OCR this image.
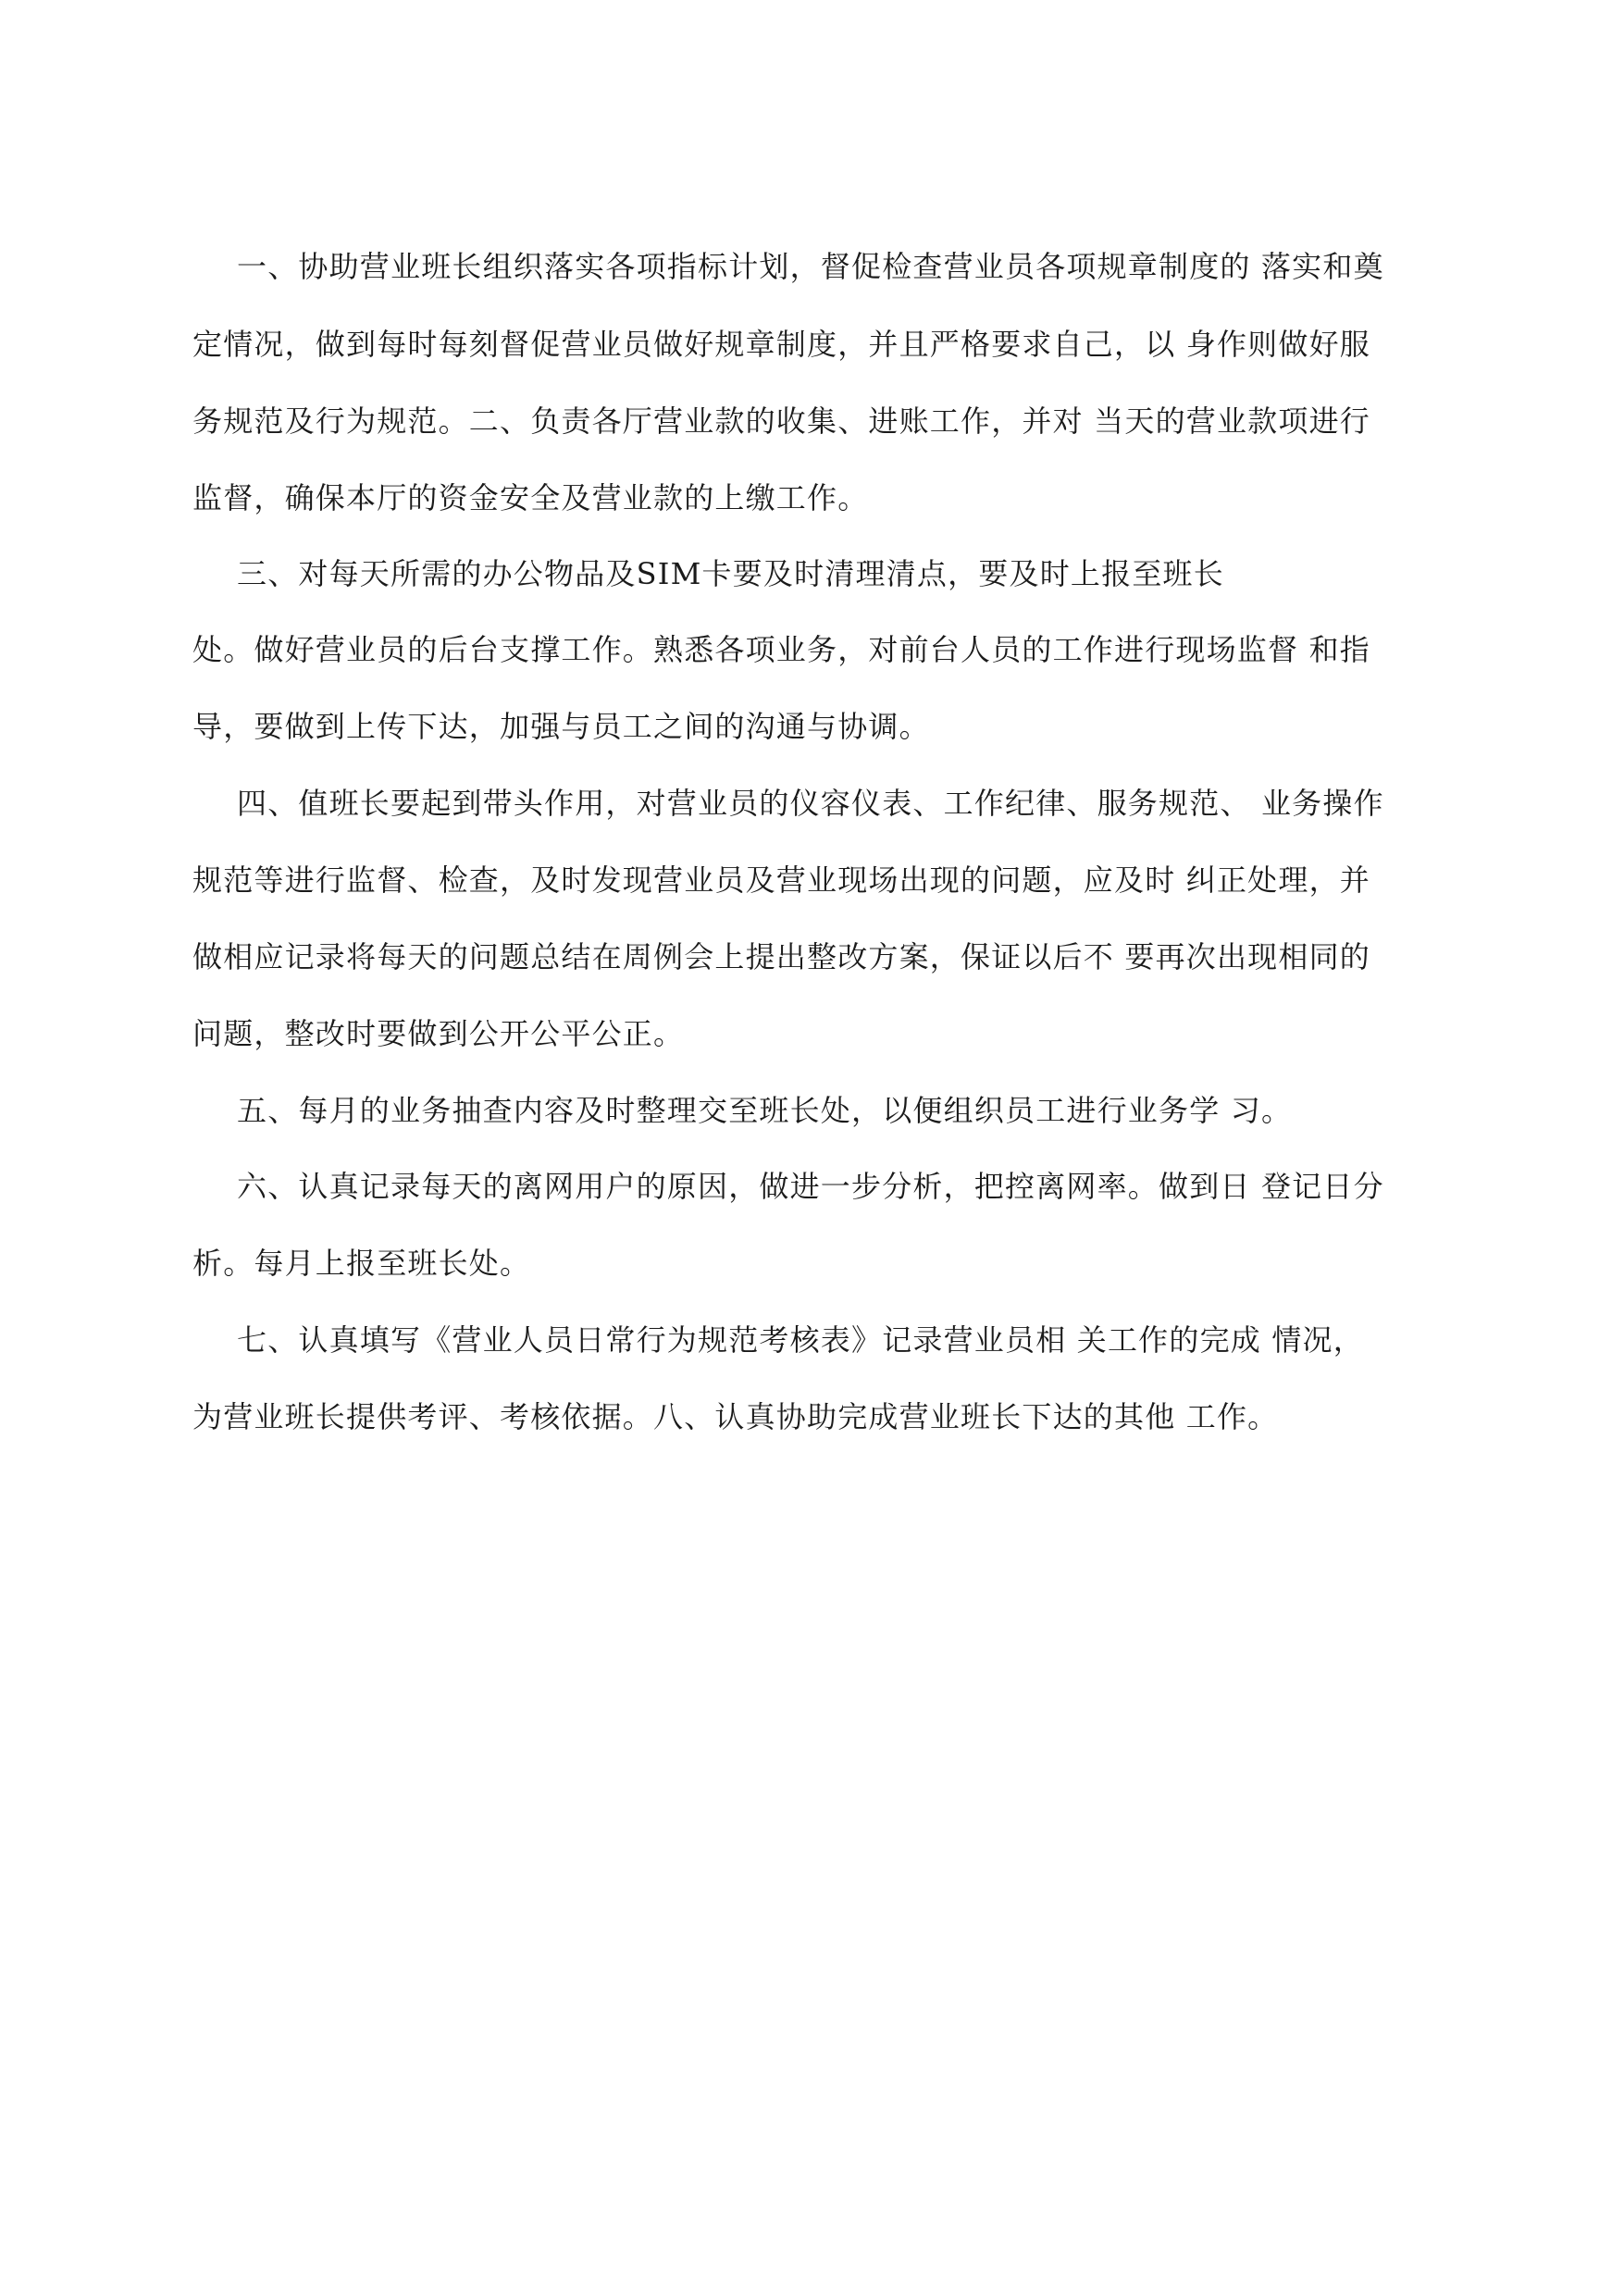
一、协助营业班长组织落实各项指标计划，督促检查营业员各项规章制度的 落实和奠

定情况，做到每时每刻督促营业员做好规章制度，并且严格要求自己，以 身作则做好服

务规范及行为规范。二、负责各厅营业款的收集、进账工作，并对 当天的营业款项进行

监督，确保本厅的资金安全及营业款的上缴工作。

三、对每天所需的办公物品及SIM卡要及时清理清点，要及时上报至班长

处。做好营业员的后台支撑工作。熟悉各项业务，对前台人员的工作进行现场监督 和指

导，要做到上传下达，加强与员工之间的沟通与协调。

四、值班长要起到带头作用，对营业员的仪容仪表、工作纪律、服务规范、 业务操作

规范等进行监督、检查，及时发现营业员及营业现场出现的问题，应及时 纠正处理，并

做相应记录将每天的问题总结在周例会上提出整改方案，保证以后不 要再次出现相同的

问题，整改时要做到公开公平公正。

五、每月的业务抽查内容及时整理交至班长处，以便组织员工进行业务学 习。

六、认真记录每天的离网用户的原因，做进一步分析，把控离网率。做到日 登记日分

析。每月上报至班长处。

七、认真填写《营业人员日常行为规范考核表》记录营业员相 关工作的完成 情况，

为营业班长提供考评、考核依据。八、认真协助完成营业班长下达的其他 工作。
